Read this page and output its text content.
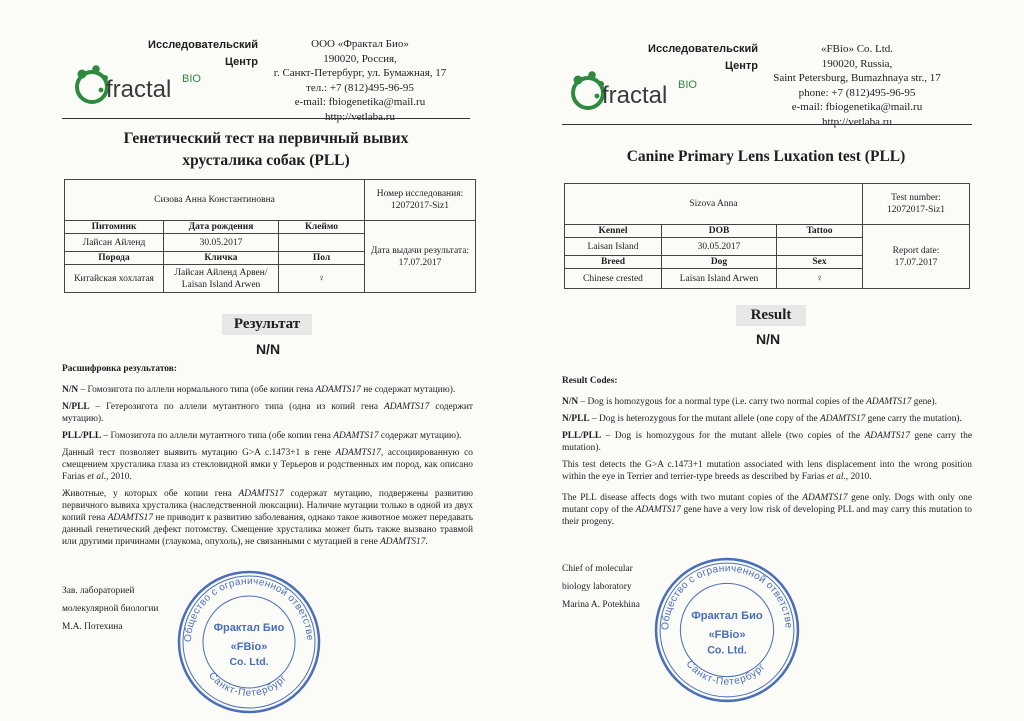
Исследовательский
Центр
fractal BIO
ООО «Фрактал Био»
190020, Россия,
г. Санкт-Петербург, ул. Бумажная, 17
тел.: +7 (812)495-96-95
e-mail: fbiogenetika@mail.ru
http://vetlaba.ru
Генетический тест на первичный вывих
хрусталика собак (PLL)
Сизова Анна Константиновна			Номер исследования:
12072017-Siz1

Питомник	Дата рождения	Клеймо	Дата выдачи результата:
17.07.2017

Лайсан Айленд	30.05.2017		
Порода	Кличка	Пол	
Китайская хохлатая	Лайсан Айленд Арвен/ Laisan Island Arwen	♀	
Результат
N/N

Расшифровка результатов:

N/N – Гомозигота по аллели нормального типа (обе копии гена ADAMTS17 не содержат мутацию).

N/PLL – Гетерозигота по аллели мутантного типа (одна из копий гена ADAMTS17 содержит мутацию).

PLL/PLL – Гомозигота по аллели мутантного типа (обе копии гена ADAMTS17 содержат мутацию).

Данный тест позволяет выявить мутацию G>A c.1473+1 в гене ADAMTS17, ассоциированную со смещением хрусталика глаза из стекловидной ямки у Терьеров и родственных им пород, как описано Farias et al., 2010.

Животные, у которых обе копии гена ADAMTS17 содержат мутацию, подвержены развитию первичного вывиха хрусталика (наследственной люксации). Наличие мутации только в одной из двух копий гена ADAMTS17 не приводит к развитию заболевания, однако такое животное может передавать данный генетический дефект потомству. Смещение хрусталика может быть также вызвано травмой или другими причинами (глаукома, опухоль), не связанными с мутацией в гене ADAMTS17.

Зав. лабораторией
молекулярной биологии
М.А. Потехина
Общество с ограниченной ответстве
Санкт-Петербург
Фрактал Био
«FBio»
Co. Ltd.
Исследовательский
Центр
fractal BIO
«FBio» Co. Ltd.
190020, Russia,
Saint Petersburg, Bumazhnaya str., 17
phone: +7 (812)495-96-95
e-mail: fbiogenetika@mail.ru
http://vetlaba.ru
Canine Primary Lens Luxation test (PLL)
Sizova Anna			Test number:
12072017-Siz1

Kennel	DOB	Tattoo	Report date:
17.07.2017

Laisan Island	30.05.2017		
Breed	Dog	Sex	
Chinese crested	Laisan Island Arwen	♀	
Result
N/N

Result Codes:

N/N – Dog is homozygous for a normal type (i.e. carry two normal copies of the ADAMTS17 gene).

N/PLL – Dog is heterozygous for the mutant allele (one copy of the ADAMTS17 gene carry the mutation).

PLL/PLL – Dog is homozygous for the mutant allele (two copies of the ADAMTS17 gene carry the mutation).

This test detects the G>A c.1473+1 mutation associated with lens displacement into the wrong position within the eye in Terrier and terrier-type breeds as described by Farias et al., 2010.

The PLL disease affects dogs with two mutant copies of the ADAMTS17 gene only. Dogs with only one mutant copy of the ADAMTS17 gene have a very low risk of developing PLL and may carry this mutation to their progeny.

Chief of molecular
biology laboratory
Marina A. Potekhina
Общество с ограниченной ответстве
Санкт-Петербург
Фрактал Био
«FBio»
Co. Ltd.
